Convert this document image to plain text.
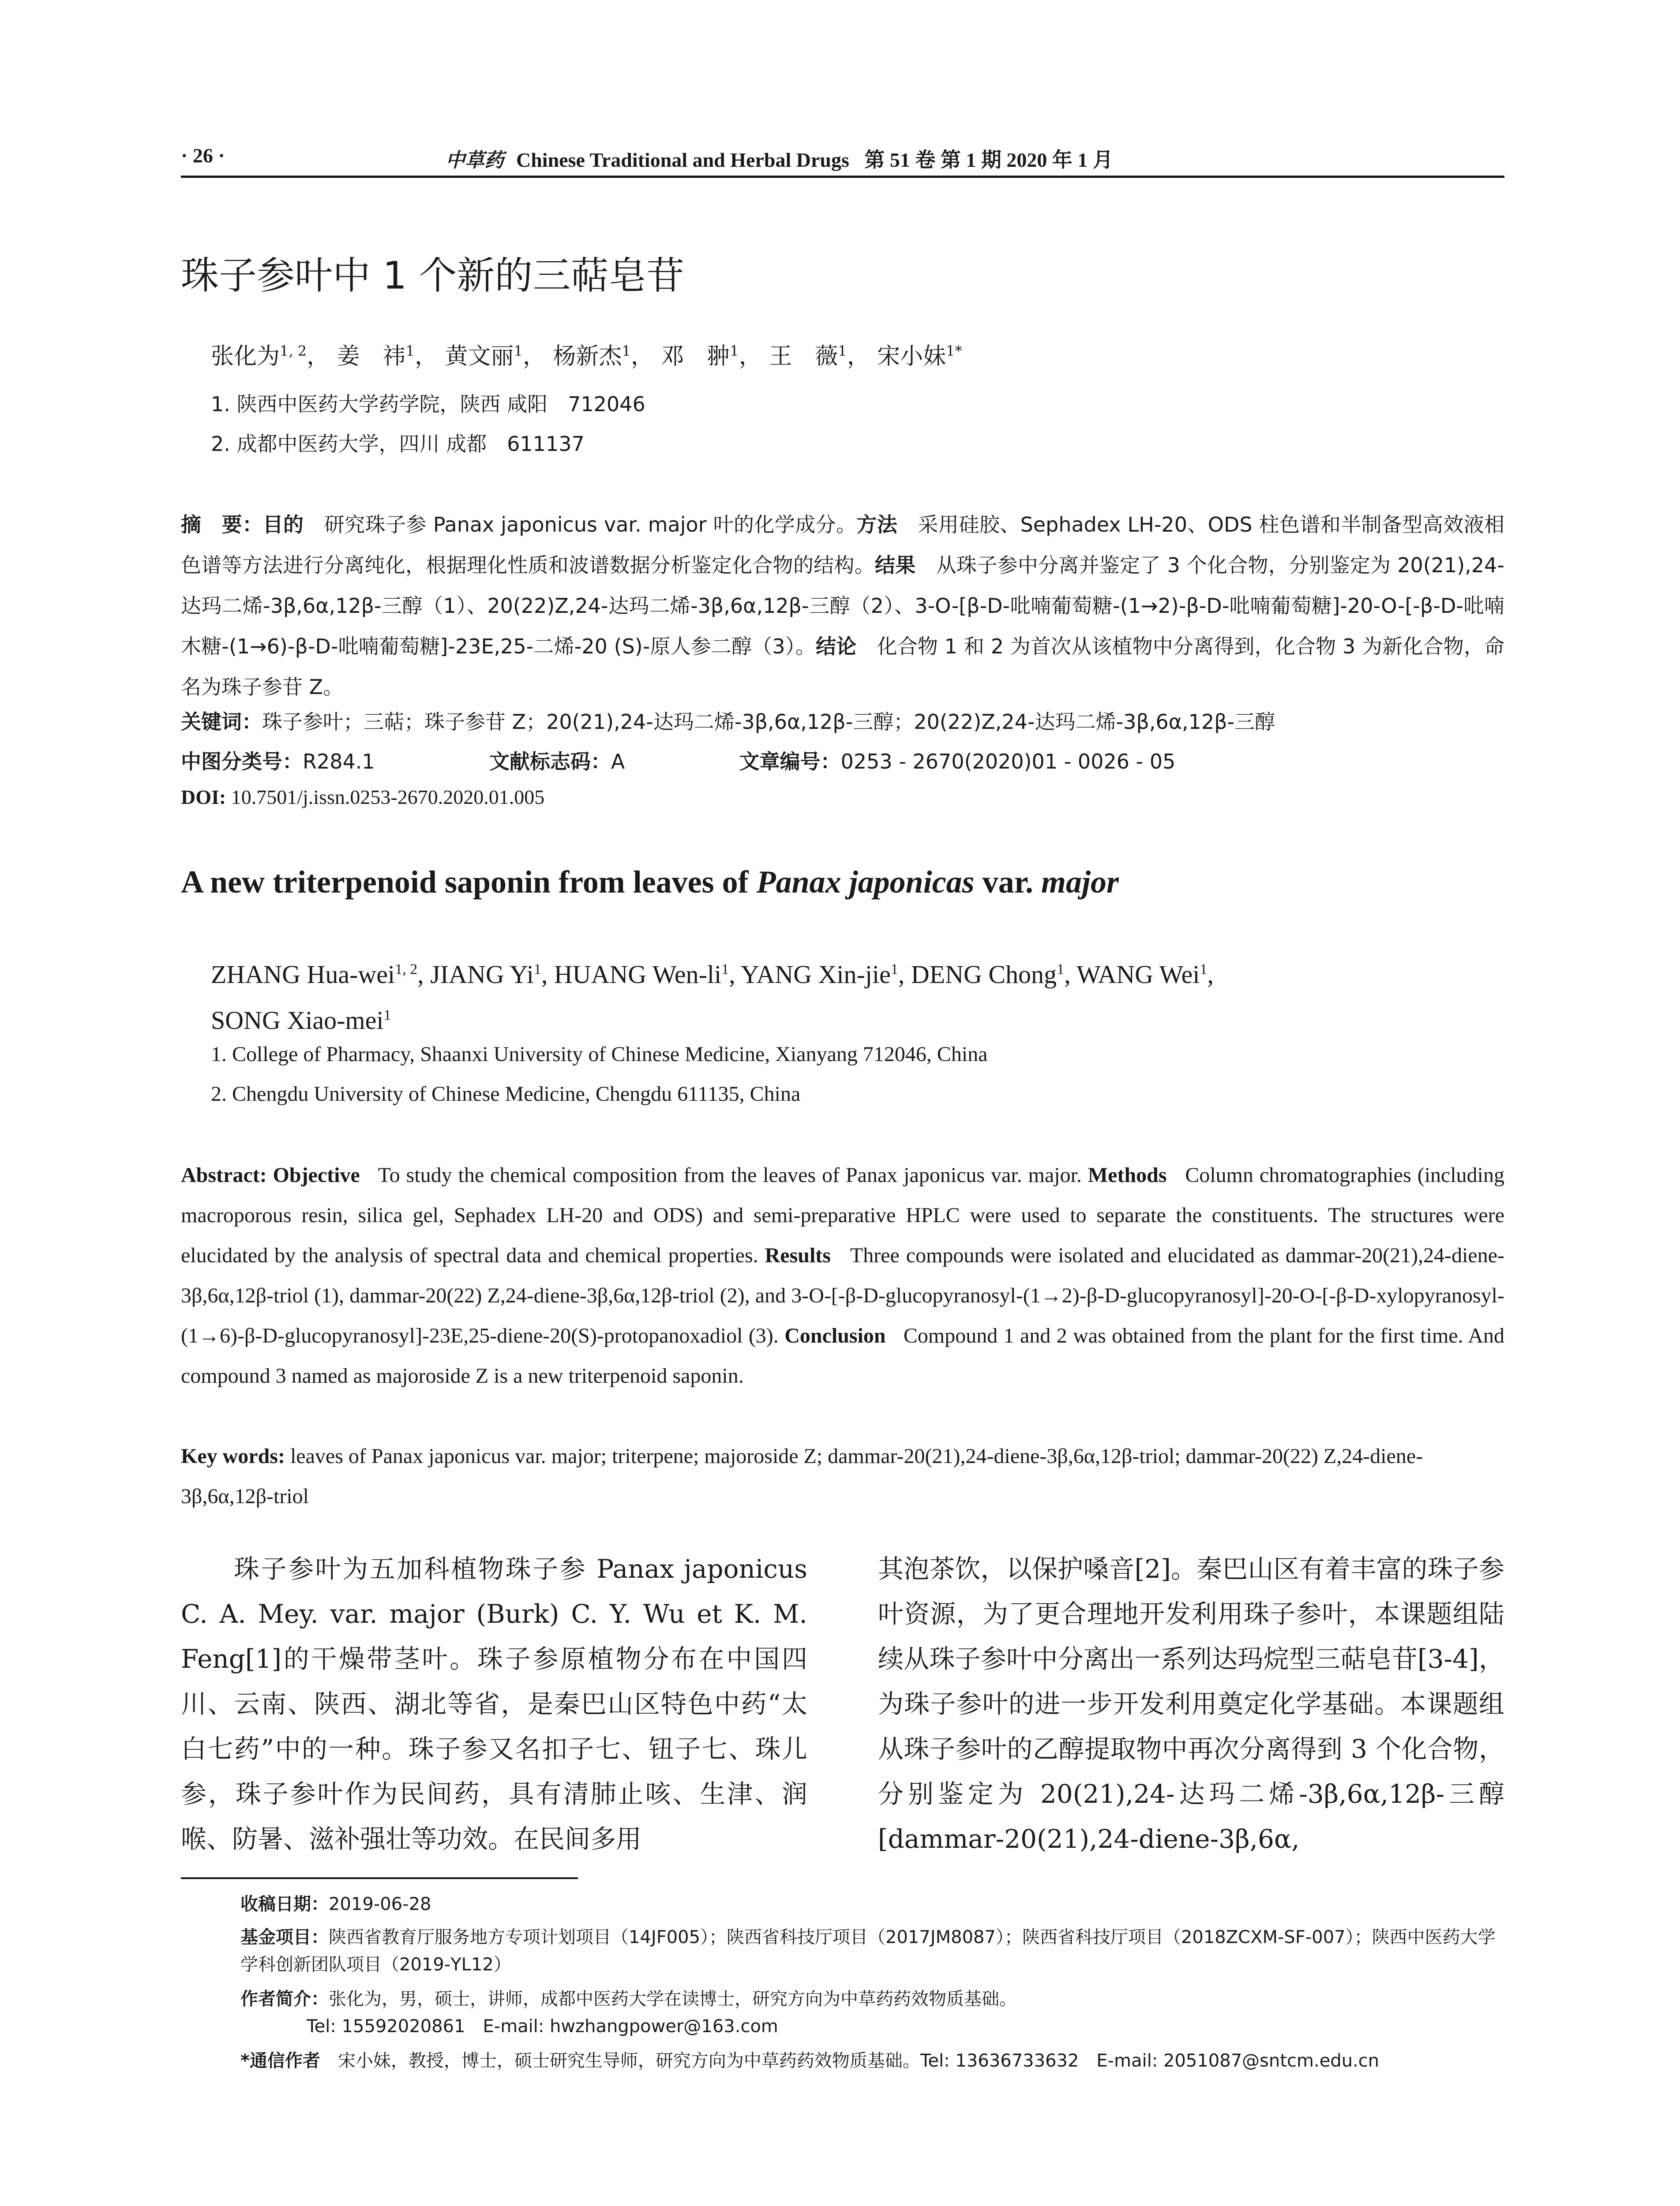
· 26 ·	中草药 Chinese Traditional and Herbal Drugs 第 51 卷 第 1 期 2020 年 1 月
珠子参叶中 1 个新的三萜皂苷
张化为$^{1, 2}$， 姜　祎$^1$， 黄文丽$^1$， 杨新杰$^1$， 邓　翀$^1$， 王　薇$^1$， 宋小妹$^{1*}$
1. 陕西中医药大学药学院，陕西 咸阳　712046
2. 成都中医药大学，四川 成都　611137
摘　要：目的　 研究珠子参 Panax japonicus var. major 叶的化学成分。方法　 采用硅胶、Sephadex LH-20、ODS 柱色谱和半制备型高效液相色谱等方法进行分离纯化，根据理化性质和波谱数据分析鉴定化合物的结构。结果　 从珠子参中分离并鉴定了 3 个化合物，分别鉴定为 20(21),24-达玛二烯-3β,6α,12β-三醇（1）、20(22)Z,24-达玛二烯-3β,6α,12β-三醇（2）、3-O-[β-D-吡喃葡萄糖-(1→2)-β-D-吡喃葡萄糖]-20-O-[-β-D-吡喃木糖-(1→6)-β-D-吡喃葡萄糖]-23E,25-二烯-20 (S)-原人参二醇（3）。结论　 化合物 1 和 2 为首次从该植物中分离得到，化合物 3 为新化合物，命名为珠子参苷 Z。
关键词：珠子参叶；三萜；珠子参苷 Z；20(21),24-达玛二烯-3β,6α,12β-三醇；20(22)Z,24-达玛二烯-3β,6α,12β-三醇
中图分类号：R284.1	文献标志码：A	文章编号：0253 - 2670(2020)01 - 0026 - 05
DOI: 10.7501/j.issn.0253-2670.2020.01.005
A new triterpenoid saponin from leaves of Panax japonicas var. major
ZHANG Hua-wei$^{1, 2}$, JIANG Yi$^1$, HUANG Wen-$li^1$, YANG Xin-jie$^1$, DENG Chong$^1$, WANG Wei$^1$,
SONG Xiao-mei$^1$
1. College of Pharmacy, Shaanxi University of Chinese Medicine, Xianyang 712046, China
2. Chengdu University of Chinese Medicine, Chengdu 611135, China
Abstract: Objective To study the chemical composition from the leaves of Panax japonicus var. major. Methods Column chromatographies (including macroporous resin, silica gel, Sephadex LH-20 and ODS) and semi-preparative HPLC were used to separate the constituents. The structures were elucidated by the analysis of spectral data and chemical properties. Results Three compounds were isolated and elucidated as dammar-20(21),24-diene-3β,6α,12β-triol (1), dammar-20(22) Z,24-diene-3β,6α,12β-triol (2), and 3-O-[-β-D-glucopyranosyl-(1→2)-β-D-glucopyranosyl]-20-O-[-β-D-xylopyranosyl-(1→6)-β-D-glucopyranosyl]-23E,25-diene-20(S)-protopanoxadiol (3). Conclusion Compound 1 and 2 was obtained from the plant for the first time. And compound 3 named as majoroside Z is a new triterpenoid saponin.
Key words: leaves of Panax japonicus var. major; triterpene; majoroside Z; dammar-20(21),24-diene-3β,6α,12β-triol; dammar-20(22) Z,24-diene-3β,6α,12β-triol
珠子参叶为五加科植物珠子参 Panax japonicus C. A. Mey. var. major (Burk) C. Y. Wu et K. M. Feng[1]的干燥带茎叶。珠子参原植物分布在中国四川、云南、陕西、湖北等省，是秦巴山区特色中药“太白七药”中的一种。珠子参又名扣子七、钮子七、珠儿参，珠子参叶作为民间药，具有清肺止咳、生津、润喉、防暑、滋补强壮等功效。在民间多用
其泡茶饮，以保护嗓音[2]。秦巴山区有着丰富的珠子参叶资源，为了更合理地开发利用珠子参叶，本课题组陆续从珠子参叶中分离出一系列达玛烷型三萜皂苷[3-4]，为珠子参叶的进一步开发利用奠定化学基础。本课题组从珠子参叶的乙醇提取物中再次分离得到 3 个化合物，分别鉴定为 20(21),24-达玛二烯-3β,6α,12β-三醇 [dammar-20(21),24-diene-3β,6α,
收稿日期：2019-06-28
基金项目：陕西省教育厅服务地方专项计划项目（14JF005）；陕西省科技厅项目（2017JM8087）；陕西省科技厅项目（2018ZCXM-SF-007）；陕西中医药大学学科创新团队项目（2019-YL12）
作者简介：张化为，男，硕士，讲师，成都中医药大学在读博士，研究方向为中草药药效物质基础。
Tel: 15592020861　E-mail: hwzhangpower@163.com
*通信作者　 宋小妹，教授，博士，硕士研究生导师，研究方向为中草药药效物质基础。Tel: 13636733632　E-mail: 2051087@sntcm.edu.cn
